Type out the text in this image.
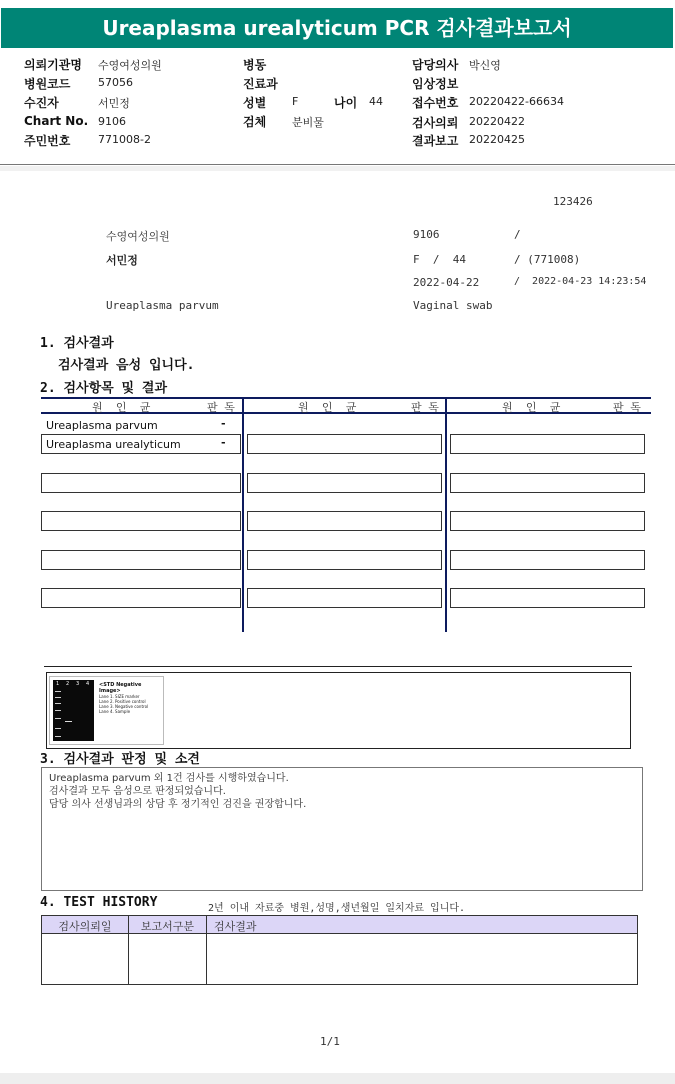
Ureaplasma urealyticum PCR 검사결과보고서
의뢰기관명 수영여성의원
병원코드	57056
수진자	서민정
Chart No. 9106
주민번호	771008-2
병동
진료과
성별 F	나이 44
검체 분비물
담당의사 박신영
임상정보
접수번호 20220422-66634
검사의뢰 20220422
결과보고 20220425
123426
수영여성의원	9106	/
서민정	F  /  44	/ (771008)
2022-04-22	/  2022-04-23 14:23:54
Ureaplasma parvum	Vaginal swab
1. 검사결과
검사결과 음성 입니다.
2. 검사항목 및 결과
원  인  균	판 독	원  인  균	판 독	원  인  균	판 독
Ureaplasma parvum	-
Ureaplasma urealyticum	-
1 2 3 4 <STD Negative Image>
Lane 1. SIZE marker
Lane 2. Positive control
Lane 3. Negative control
Lane 4. Sample
3. 검사결과 판정 및 소견
Ureaplasma parvum 외 1건 검사를 시행하였습니다.
검사결과 모두 음성으로 판정되었습니다.
담당 의사 선생님과의 상담 후 정기적인 검진을 권장합니다.
4. TEST HISTORY	2년 이내 자료중 병원,성명,생년월일 일치자료 입니다.
검사의뢰일	보고서구분	검사결과
1/1
